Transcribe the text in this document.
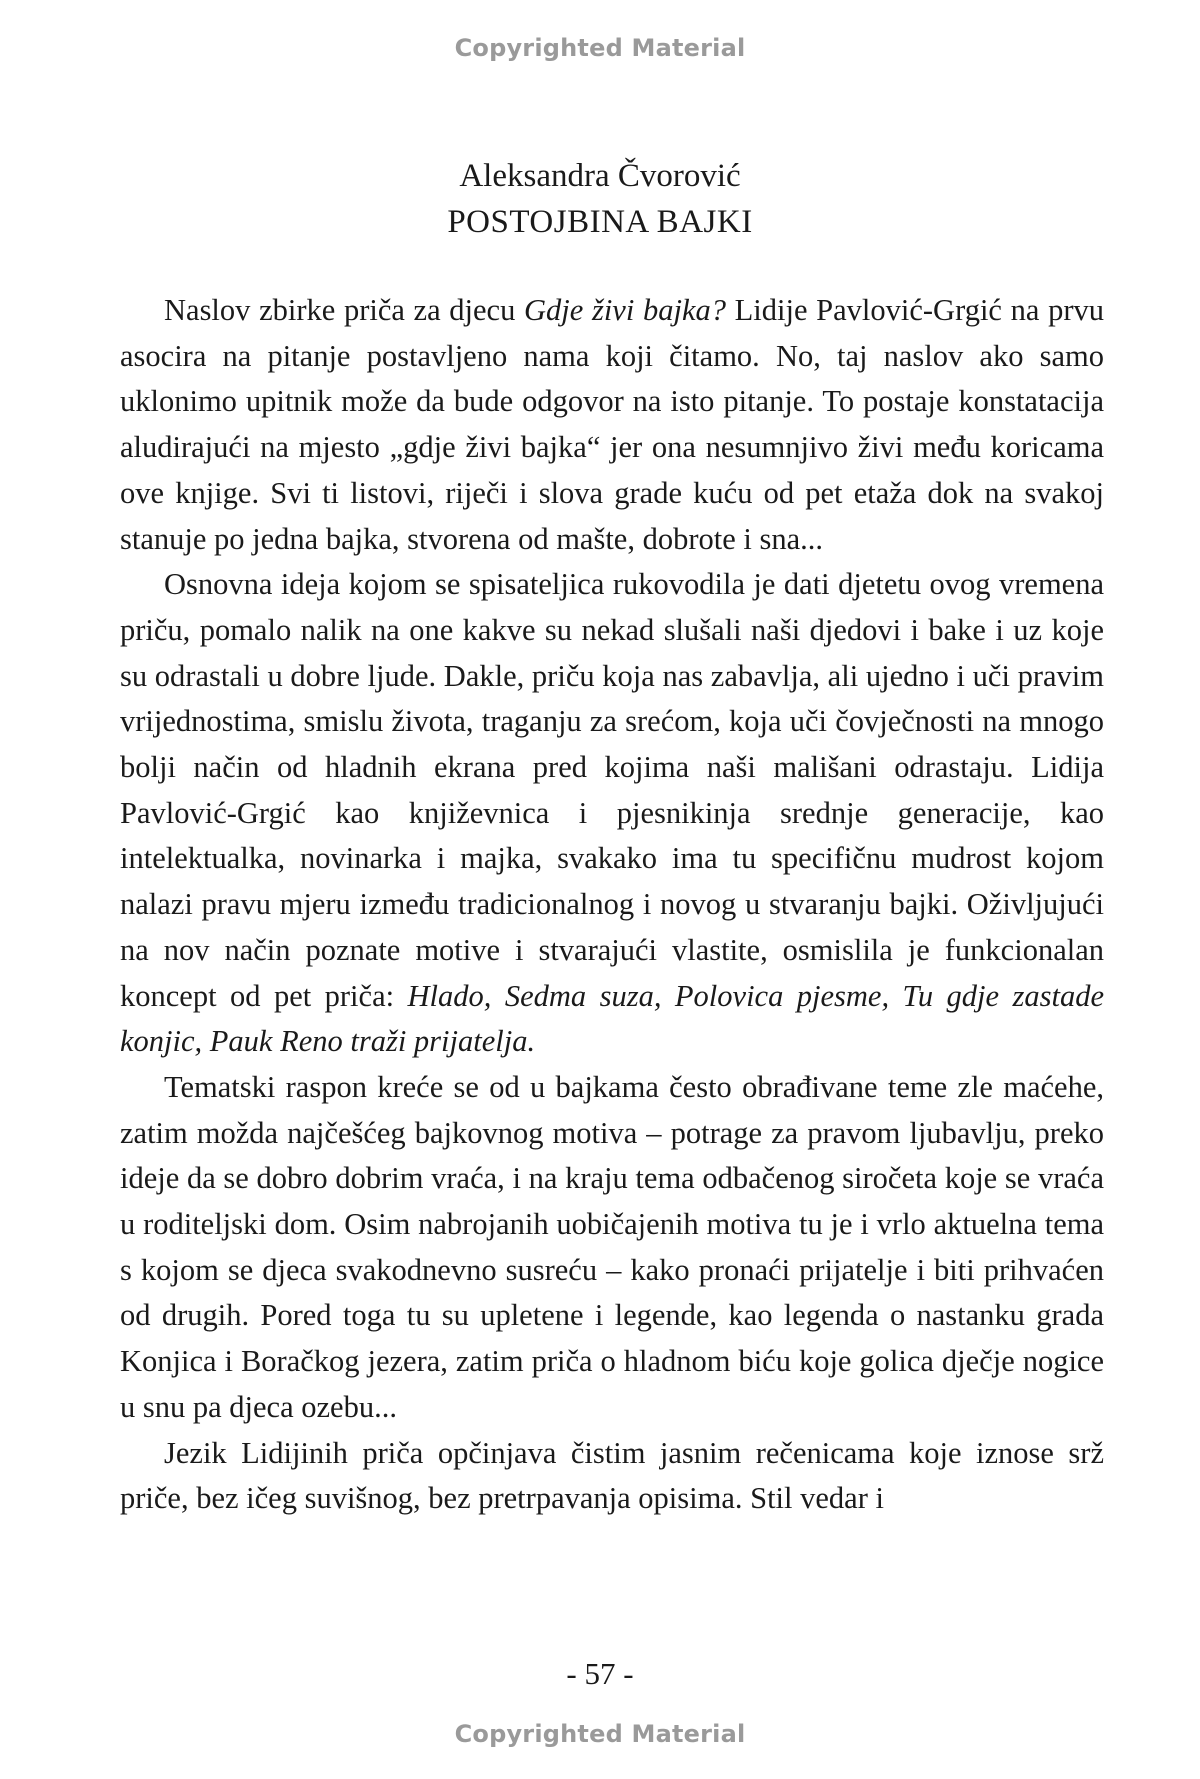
Copyrighted Material
Aleksandra Čvorović
POSTOJBINA BAJKI

Naslov zbirke priča za djecu Gdje živi bajka? Lidije Pavlović-Grgić na prvu asocira na pitanje postavljeno nama koji čitamo. No, taj naslov ako samo uklonimo upitnik može da bude odgovor na isto pitanje. To postaje konstatacija aludirajući na mjesto „gdje živi bajka“ jer ona nesumnjivo živi među koricama ove knjige. Svi ti listovi, riječi i slova grade kuću od pet etaža dok na svakoj stanuje po jedna bajka, stvorena od mašte, dobrote i sna...

Osnovna ideja kojom se spisateljica rukovodila je dati djetetu ovog vremena priču, pomalo nalik na one kakve su nekad slušali naši djedovi i bake i uz koje su odrastali u dobre ljude. Dakle, priču koja nas zabavlja, ali ujedno i uči pravim vrijednostima, smislu života, traganju za srećom, koja uči čovječnosti na mnogo bolji način od hladnih ekrana pred kojima naši mališani odrastaju. Lidija Pavlović-Grgić kao književnica i pjesnikinja srednje generacije, kao intelektualka, novinarka i majka, svakako ima tu specifičnu mudrost kojom nalazi pravu mjeru između tradicionalnog i novog u stvaranju bajki. Oživljujući na nov način poznate motive i stvarajući vlastite, osmislila je funkcionalan koncept od pet priča: Hlado, Sedma suza, Polovica pjesme, Tu gdje zastade konjic, Pauk Reno traži prijatelja.

Tematski raspon kreće se od u bajkama često obrađivane teme zle maćehe, zatim možda najčešćeg bajkovnog motiva – potrage za pravom ljubavlju, preko ideje da se dobro dobrim vraća, i na kraju tema odbačenog siročeta koje se vraća u roditeljski dom. Osim nabrojanih uobičajenih motiva tu je i vrlo aktuelna tema s kojom se djeca svakodnevno susreću – kako pronaći prijatelje i biti prihvaćen od drugih. Pored toga tu su upletene i legende, kao legenda o nastanku grada Konjica i Boračkog jezera, zatim priča o hladnom biću koje golica dječje nogice u snu pa djeca ozebu...

Jezik Lidijinih priča opčinjava čistim jasnim rečenicama koje iznose srž priče, bez ičeg suvišnog, bez pretrpavanja opisima. Stil vedar i

- 57 -
Copyrighted Material
